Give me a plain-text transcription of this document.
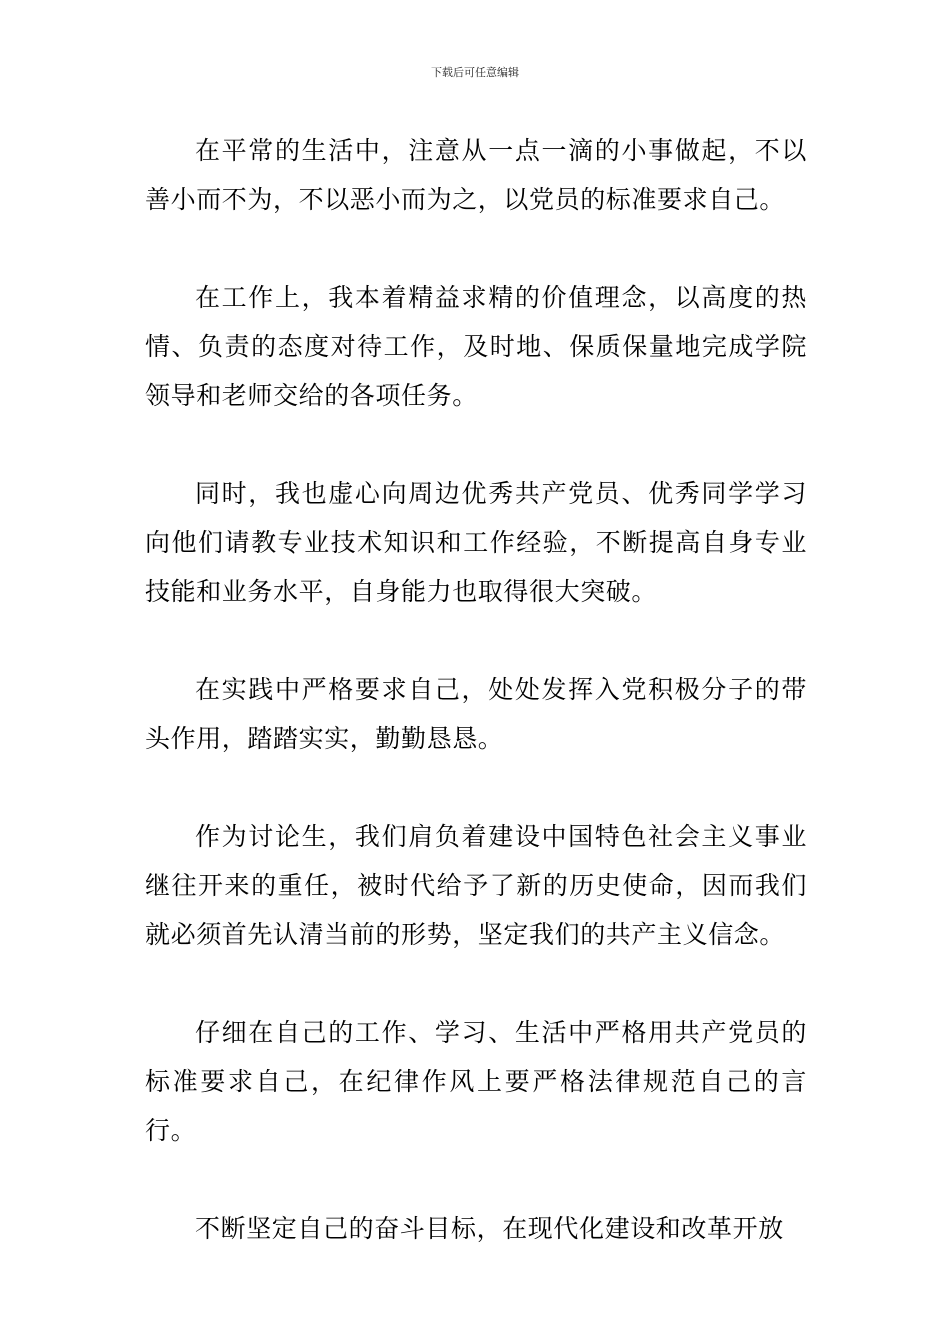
下载后可任意编辑

在平常的生活中，注意从一点一滴的小事做起，不以善小而不为，不以恶小而为之，以党员的标准要求自己。

在工作上，我本着精益求精的价值理念，以高度的热情、负责的态度对待工作，及时地、保质保量地完成学院领导和老师交给的各项任务。

同时，我也虚心向周边优秀共产党员、优秀同学学习向他们请教专业技术知识和工作经验，不断提高自身专业技能和业务水平，自身能力也取得很大突破。

在实践中严格要求自己，处处发挥入党积极分子的带头作用，踏踏实实，勤勤恳恳。

作为讨论生，我们肩负着建设中国特色社会主义事业继往开来的重任，被时代给予了新的历史使命，因而我们就必须首先认清当前的形势，坚定我们的共产主义信念。

仔细在自己的工作、学习、生活中严格用共产党员的标准要求自己，在纪律作风上要严格法律规范自己的言行。

不断坚定自己的奋斗目标，在现代化建设和改革开放
